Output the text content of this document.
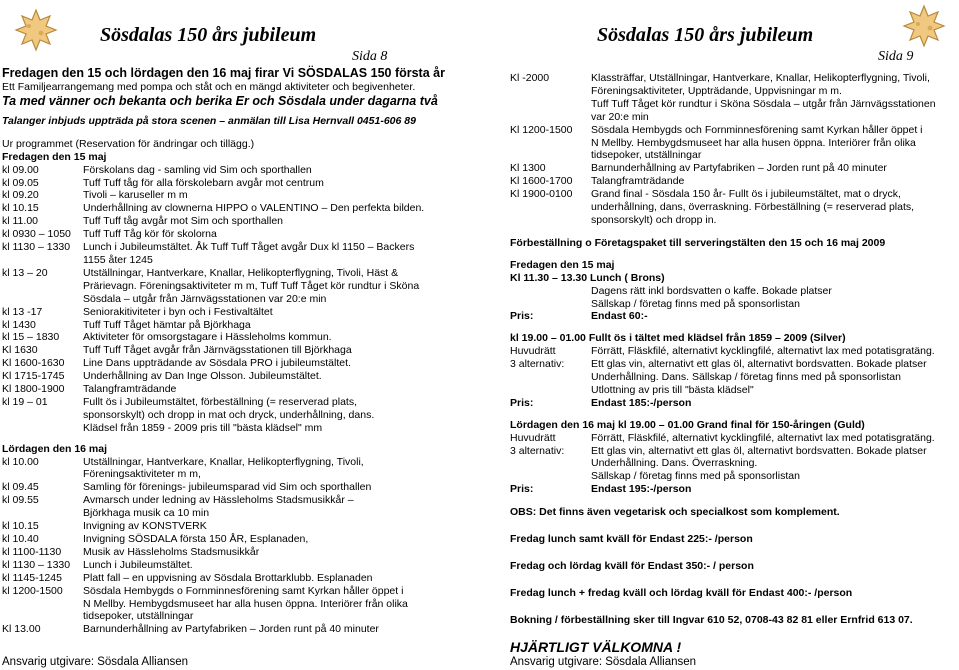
Sösdalas 150 års jubileum
Sida 8
Fredagen den 15 och lördagen den 16 maj firar Vi SÖSDALAS 150 första år
Ett Familjearrangemang med pompa och ståt och en mängd aktiviteter och begivenheter.
Ta med vänner och bekanta och berika Er och Sösdala under dagarna två
Talanger inbjuds uppträda på stora scenen – anmälan till Lisa Hernvall 0451-606 89
Ur programmet (Reservation för ändringar och tillägg.)
Fredagen den 15 maj
kl 09.00	Förskolans dag - samling vid Sim och sporthallen
kl 09.05	Tuff Tuff tåg för alla förskolebarn avgår mot centrum
kl 09.20	Tivoli – karuseller m m
kl 10.15	Underhållning av clownerna HIPPO o VALENTINO – Den perfekta bilden.
kl 11.00	Tuff Tuff tåg avgår mot Sim och sporthallen
kl 0930 – 1050	Tuff Tuff Tåg kör för skolorna
kl 1130 – 1330	Lunch i Jubileumstältet. Åk Tuff Tuff Tåget avgår Dux kl 1150 – Backers
1155 åter 1245
kl 13 – 20	Utställningar, Hantverkare, Knallar, Helikopterflygning, Tivoli, Häst &
Prärievagn. Föreningsaktiviteter m m, Tuff Tuff Tåget kör rundtur i Sköna
Sösdala – utgår från Järnvägsstationen var 20:e min
kl 13 -17	Seniorakitiviteter i byn och i Festivaltältet
kl 1430	Tuff Tuff Tåget hämtar på Björkhaga
kl 15 – 1830	Aktiviteter för omsorgstagare i Hässleholms kommun.
Kl 1630	Tuff Tuff Tåget avgår från Järnvägsstationen till Björkhaga
Kl 1600-1630	Line Dans uppträdande av Sösdala PRO i jubileumstältet.
Kl 1715-1745	Underhållning av Dan Inge Olsson. Jubileumstältet.
Kl 1800-1900	Talangframträdande
kl 19 – 01	Fullt ös i Jubileumstältet, förbeställning (= reserverad plats,
sponsorskylt) och dropp in mat och dryck, underhållning, dans.
Klädsel från 1859 - 2009 pris till "bästa klädsel" mm
Lördagen den 16 maj
kl 10.00	Utställningar, Hantverkare, Knallar, Helikopterflygning, Tivoli,
Föreningsaktiviteter m m,
kl 09.45	Samling för förenings- jubileumsparad vid Sim och sporthallen
kl 09.55	Avmarsch under ledning av Hässleholms Stadsmusikkår –
Björkhaga musik ca 10 min
kl 10.15	Invigning av KONSTVERK
kl 10.40	Invigning SÖSDALA första 150 ÅR, Esplanaden,
kl 1100-1130	Musik av Hässleholms Stadsmusikkår
kl 1130 – 1330	Lunch i Jubileumstältet.
kl 1145-1245	Platt fall – en uppvisning av Sösdala Brottarklubb. Esplanaden
kl 1200-1500	Sösdala Hembygds o Fornminnesförening samt Kyrkan håller öppet i
N Mellby. Hembygdsmuseet har alla husen öppna. Interiörer från olika
tidsepoker, utställningar
Kl 13.00	Barnunderhållning av Partyfabriken – Jorden runt på 40 minuter
Ansvarig utgivare: Sösdala Alliansen
Sösdalas 150 års jubileum
Sida 9
Kl -2000	Klassträffar, Utställningar, Hantverkare, Knallar, Helikopterflygning, Tivoli,
Föreningsaktiviteter, Uppträdande, Uppvisningar m m.
Tuff Tuff Tåget kör rundtur i Sköna Sösdala – utgår från Järnvägsstationen
var 20:e min
Kl 1200-1500	Sösdala Hembygds och Fornminnesförening samt Kyrkan håller öppet i
N Mellby. Hembygdsmuseet har alla husen öppna. Interiörer från olika
tidsepoker, utställningar
Kl 1300	Barnunderhållning av Partyfabriken – Jorden runt på 40 minuter
Kl 1600-1700	Talangframträdande
Kl 1900-0100	Grand final - Sösdala 150 år- Fullt ös i jubileumstältet, mat o dryck,
underhållning, dans, överraskning. Förbeställning (= reserverad plats,
sponsorskylt) och dropp in.
Förbeställning o Företagspaket till serveringstälten den 15 och 16 maj 2009
Fredagen den 15 maj
Kl 11.30 – 13.30 Lunch ( Brons)
Dagens rätt inkl bordsvatten o kaffe. Bokade platser
Sällskap / företag finns med på sponsorlistan
Pris:	Endast 60:-
kl 19.00 – 01.00 Fullt ös i tältet med klädsel från 1859 – 2009 (Silver)
Huvudrätt	Förrätt, Fläskfilé, alternativt kycklingfilé, alternativt lax med potatisgratäng.
3 alternativ:	Ett glas vin, alternativt ett glas öl, alternativt bordsvatten. Bokade platser
Underhållning. Dans. Sällskap / företag finns med på sponsorlistan
Utlottning av pris till "bästa klädsel"
Pris:	Endast 185:-/person
Lördagen den 16 maj kl 19.00 – 01.00 Grand final för 150-åringen (Guld)
Huvudrätt	Förrätt, Fläskfilé, alternativt kycklingfilé, alternativt lax med potatisgratäng.
3 alternativ:	Ett glas vin, alternativt ett glas öl, alternativt bordsvatten. Bokade platser
Underhållning. Dans. Överraskning.
Sällskap / företag finns med på sponsorlistan
Pris:	Endast 195:-/person
OBS: Det finns även vegetarisk och specialkost som komplement.
Fredag lunch samt kväll för Endast 225:- /person
Fredag och lördag kväll för Endast 350:- / person
Fredag lunch + fredag kväll och lördag kväll för Endast 400:- /person
Bokning / förbeställning sker till Ingvar 610 52, 0708-43 82 81 eller Ernfrid 613 07.
HJÄRTLIGT VÄLKOMNA !
Ansvarig utgivare: Sösdala Alliansen
